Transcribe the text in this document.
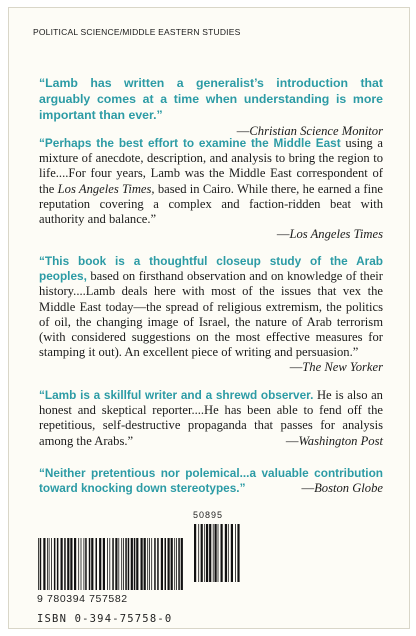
POLITICAL SCIENCE/MIDDLE EASTERN STUDIES
“Lamb has written a generalist’s introduction that arguably comes at a time when understanding is more important than ever.”
—Christian Science Monitor
“Perhaps the best effort to examine the Middle East using a mixture of anecdote, description, and analysis to bring the region to life....For four years, Lamb was the Middle East correspondent of the Los Angeles Times, based in Cairo. While there, he earned a fine reputation covering a complex and faction-ridden beat with authority and balance.”
—Los Angeles Times
“This book is a thoughtful closeup study of the Arab peoples, based on firsthand observation and on knowledge of their history....Lamb deals here with most of the issues that vex the Middle East today—the spread of religious extremism, the politics of oil, the changing image of Israel, the nature of Arab terrorism (with considered suggestions on the most effective measures for stamping it out). An excellent piece of writing and persuasion.”
—The New Yorker
“Lamb is a skillful writer and a shrewd observer. He is also an honest and skeptical reporter....He has been able to fend off the repetitious, self-destructive propaganda that passes for analysis among the Arabs.”	—Washington Post
“Neither pretentious nor polemical...a valuable contribution toward knocking down stereotypes.”	—Boston Globe
50895
9 780394 757582
ISBN 0-394-75758-0
